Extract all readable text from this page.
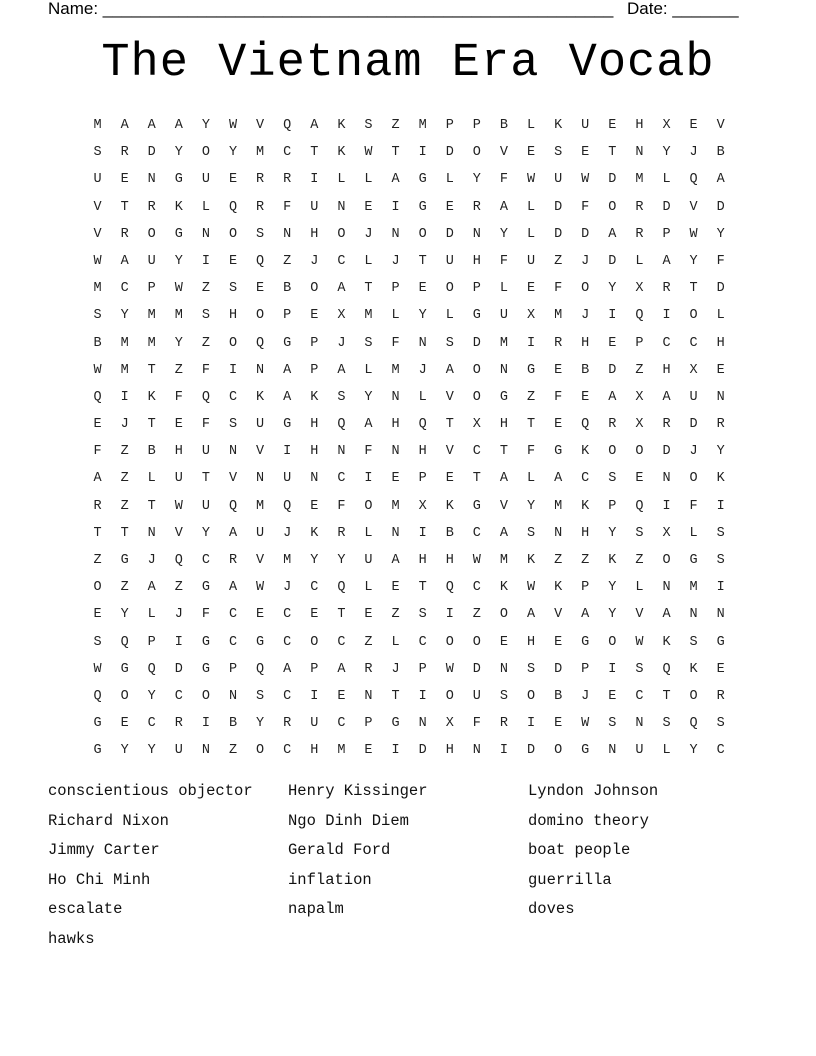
Name: ______________________________________________________

Date: _______

The Vietnam Era Vocab
M	A	A	A	Y	W	V	Q	A	K	S	Z	M	P	P	B	L	K	U	E	H	X	E	V
S	R	D	Y	O	Y	M	C	T	K	W	T	I	D	O	V	E	S	E	T	N	Y	J	B
U	E	N	G	U	E	R	R	I	L	L	A	G	L	Y	F	W	U	W	D	M	L	Q	A
V	T	R	K	L	Q	R	F	U	N	E	I	G	E	R	A	L	D	F	O	R	D	V	D
V	R	O	G	N	O	S	N	H	O	J	N	O	D	N	Y	L	D	D	A	R	P	W	Y
W	A	U	Y	I	E	Q	Z	J	C	L	J	T	U	H	F	U	Z	J	D	L	A	Y	F
M	C	P	W	Z	S	E	B	O	A	T	P	E	O	P	L	E	F	O	Y	X	R	T	D
S	Y	M	M	S	H	O	P	E	X	M	L	Y	L	G	U	X	M	J	I	Q	I	O	L
B	M	M	Y	Z	O	Q	G	P	J	S	F	N	S	D	M	I	R	H	E	P	C	C	H
W	M	T	Z	F	I	N	A	P	A	L	M	J	A	O	N	G	E	B	D	Z	H	X	E
Q	I	K	F	Q	C	K	A	K	S	Y	N	L	V	O	G	Z	F	E	A	X	A	U	N
E	J	T	E	F	S	U	G	H	Q	A	H	Q	T	X	H	T	E	Q	R	X	R	D	R
F	Z	B	H	U	N	V	I	H	N	F	N	H	V	C	T	F	G	K	O	O	D	J	Y
A	Z	L	U	T	V	N	U	N	C	I	E	P	E	T	A	L	A	C	S	E	N	O	K
R	Z	T	W	U	Q	M	Q	E	F	O	M	X	K	G	V	Y	M	K	P	Q	I	F	I
T	T	N	V	Y	A	U	J	K	R	L	N	I	B	C	A	S	N	H	Y	S	X	L	S
Z	G	J	Q	C	R	V	M	Y	Y	U	A	H	H	W	M	K	Z	Z	K	Z	O	G	S
O	Z	A	Z	G	A	W	J	C	Q	L	E	T	Q	C	K	W	K	P	Y	L	N	M	I
E	Y	L	J	F	C	E	C	E	T	E	Z	S	I	Z	O	A	V	A	Y	V	A	N	N
S	Q	P	I	G	C	G	C	O	C	Z	L	C	O	O	E	H	E	G	O	W	K	S	G
W	G	Q	D	G	P	Q	A	P	A	R	J	P	W	D	N	S	D	P	I	S	Q	K	E
Q	O	Y	C	O	N	S	C	I	E	N	T	I	O	U	S	O	B	J	E	C	T	O	R
G	E	C	R	I	B	Y	R	U	C	P	G	N	X	F	R	I	E	W	S	N	S	Q	S
G	Y	Y	U	N	Z	O	C	H	M	E	I	D	H	N	I	D	O	G	N	U	L	Y	C
conscientious objector	Henry Kissinger	Lyndon Johnson
Richard Nixon	Ngo Dinh Diem	domino theory
Jimmy Carter	Gerald Ford	boat people
Ho Chi Minh	inflation	guerrilla
escalate	napalm	doves
hawks
